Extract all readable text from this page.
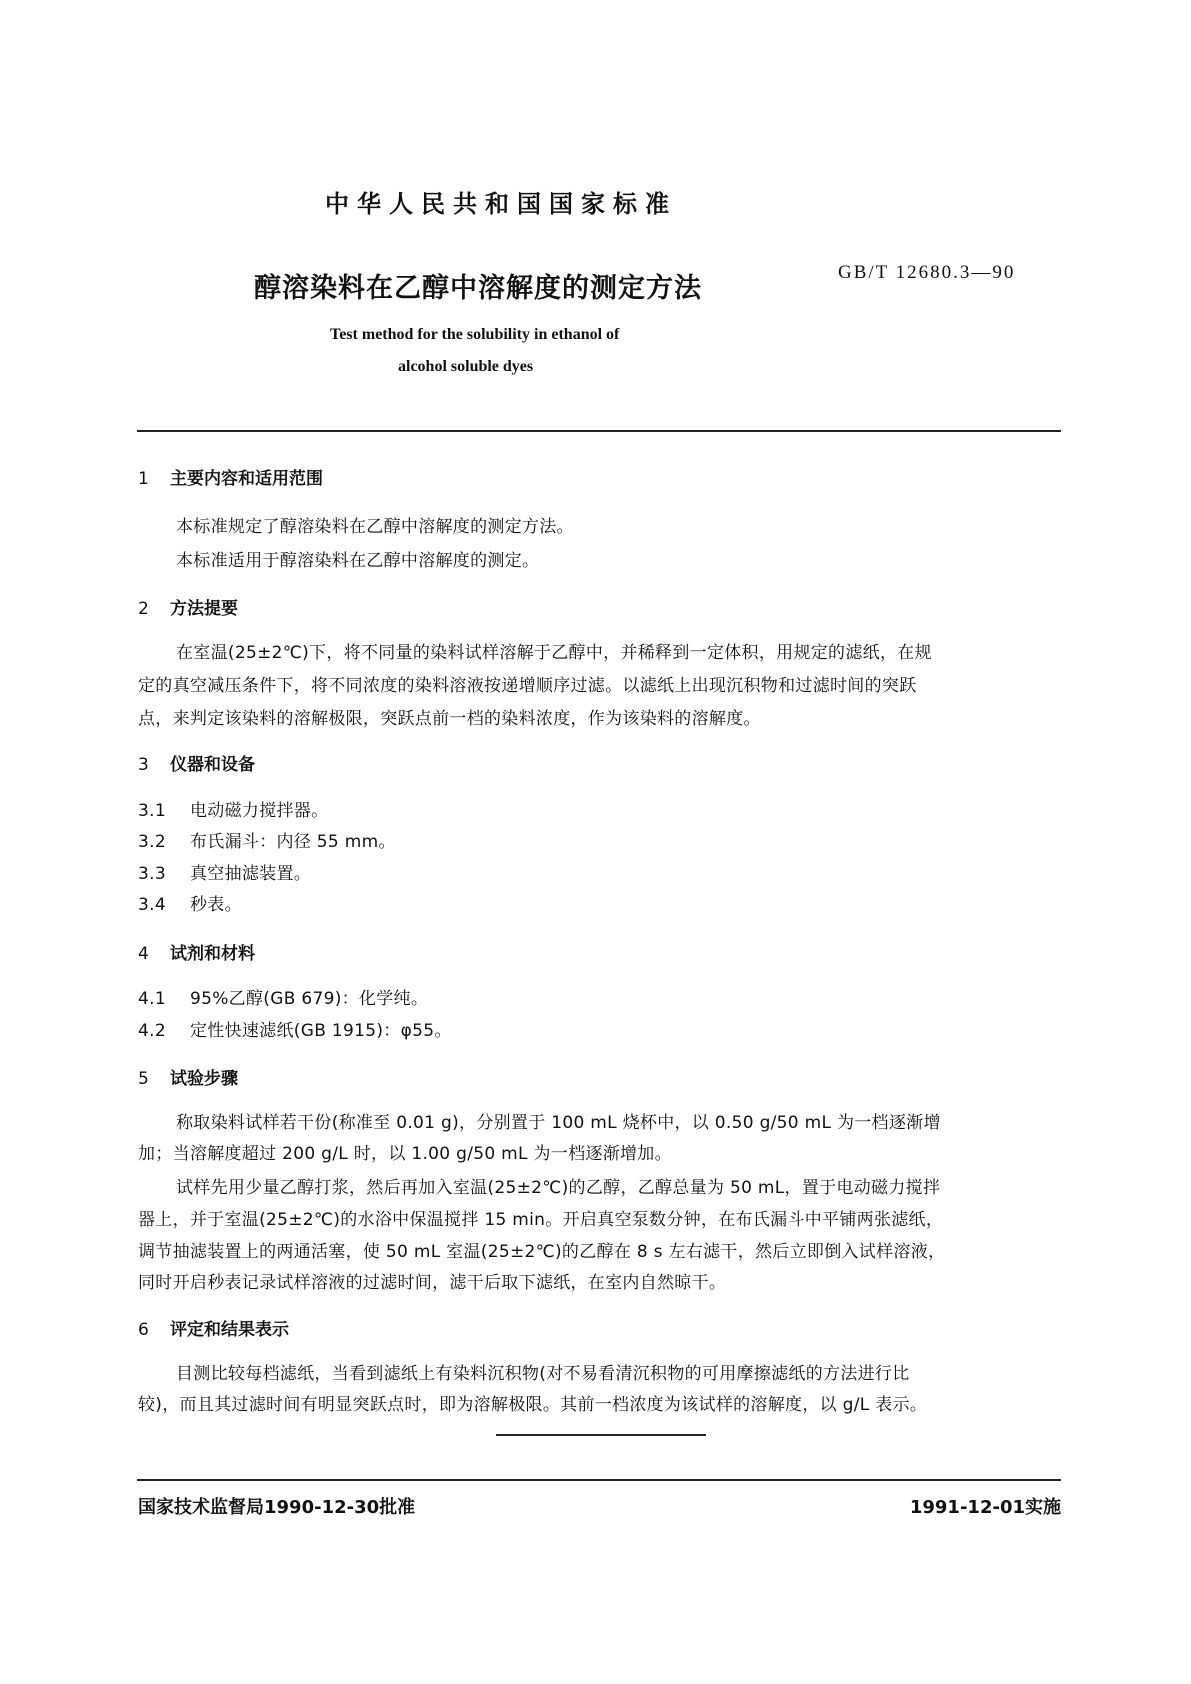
中华人民共和国国家标准
醇溶染料在乙醇中溶解度的测定方法
GB/T 12680.3—90
Test method for the solubility in ethanol of
alcohol soluble dyes
1 主要内容和适用范围
本标准规定了醇溶染料在乙醇中溶解度的测定方法。
本标准适用于醇溶染料在乙醇中溶解度的测定。
2 方法提要
在室温(25±2℃)下，将不同量的染料试样溶解于乙醇中，并稀释到一定体积，用规定的滤纸，在规
定的真空减压条件下，将不同浓度的染料溶液按递增顺序过滤。以滤纸上出现沉积物和过滤时间的突跃
点，来判定该染料的溶解极限，突跃点前一档的染料浓度，作为该染料的溶解度。
3 仪器和设备
3.1 电动磁力搅拌器。
3.2 布氏漏斗：内径 55 mm。
3.3 真空抽滤装置。
3.4 秒表。
4 试剂和材料
4.1 95%乙醇(GB 679)：化学纯。
4.2 定性快速滤纸(GB 1915)：φ55。
5 试验步骤
称取染料试样若干份(称准至 0.01 g)，分别置于 100 mL 烧杯中，以 0.50 g/50 mL 为一档逐渐增
加；当溶解度超过 200 g/L 时，以 1.00 g/50 mL 为一档逐渐增加。
试样先用少量乙醇打浆，然后再加入室温(25±2℃)的乙醇，乙醇总量为 50 mL，置于电动磁力搅拌
器上，并于室温(25±2℃)的水浴中保温搅拌 15 min。开启真空泵数分钟，在布氏漏斗中平铺两张滤纸，
调节抽滤装置上的两通活塞，使 50 mL 室温(25±2℃)的乙醇在 8 s 左右滤干，然后立即倒入试样溶液，
同时开启秒表记录试样溶液的过滤时间，滤干后取下滤纸，在室内自然晾干。
6 评定和结果表示
目测比较每档滤纸，当看到滤纸上有染料沉积物(对不易看清沉积物的可用摩擦滤纸的方法进行比
较)，而且其过滤时间有明显突跃点时，即为溶解极限。其前一档浓度为该试样的溶解度，以 g/L 表示。
国家技术监督局1990-12-30批准	1991-12-01实施
